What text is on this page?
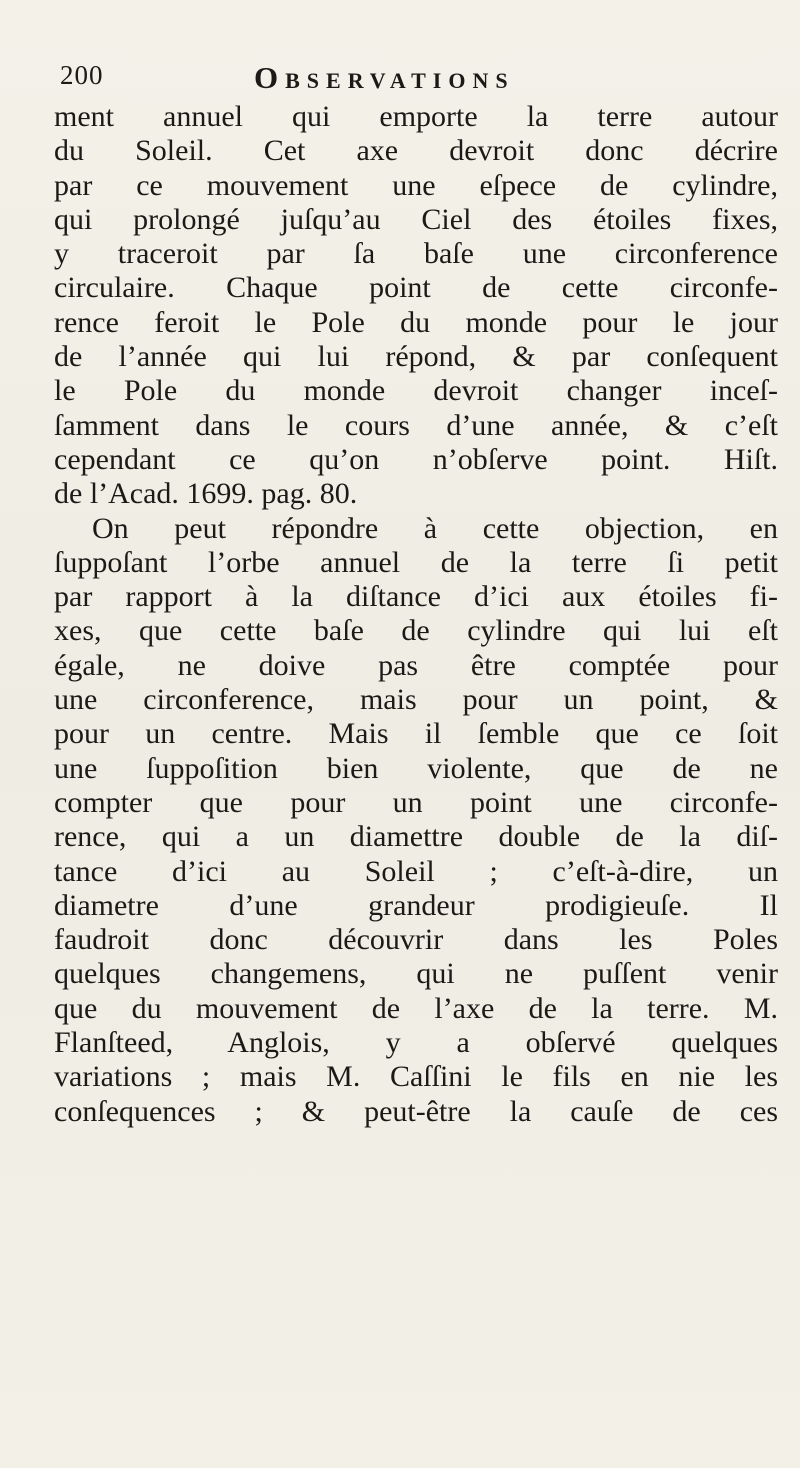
200	Observations
ment annuel qui emporte la terre autour
du Soleil. Cet axe devroit donc décrire
par ce mouvement une eſpece de cylindre,
qui prolongé juſqu’au Ciel des étoiles fixes,
y traceroit par ſa baſe une circonference
circulaire. Chaque point de cette circonfe-
rence feroit le Pole du monde pour le jour
de l’année qui lui répond, & par conſequent
le Pole du monde devroit changer inceſ-
ſamment dans le cours d’une année, & c’eſt
cependant ce qu’on n’obſerve point. Hiſt.
de l’Acad. 1699. pag. 80.
On peut répondre à cette objection, en
ſuppoſant l’orbe annuel de la terre ſi petit
par rapport à la diſtance d’ici aux étoiles fi-
xes, que cette baſe de cylindre qui lui eſt
égale, ne doive pas être comptée pour
une circonference, mais pour un point, &
pour un centre. Mais il ſemble que ce ſoit
une ſuppoſition bien violente, que de ne
compter que pour un point une circonfe-
rence, qui a un diamettre double de la diſ-
tance d’ici au Soleil ; c’eſt-à-dire, un
diametre d’une grandeur prodigieuſe. Il
faudroit donc découvrir dans les Poles
quelques changemens, qui ne puſſent venir
que du mouvement de l’axe de la terre. M.
Flanſteed, Anglois, y a obſervé quelques
variations ; mais M. Caſſini le fils en nie les
conſequences ; & peut-être la cauſe de ces
